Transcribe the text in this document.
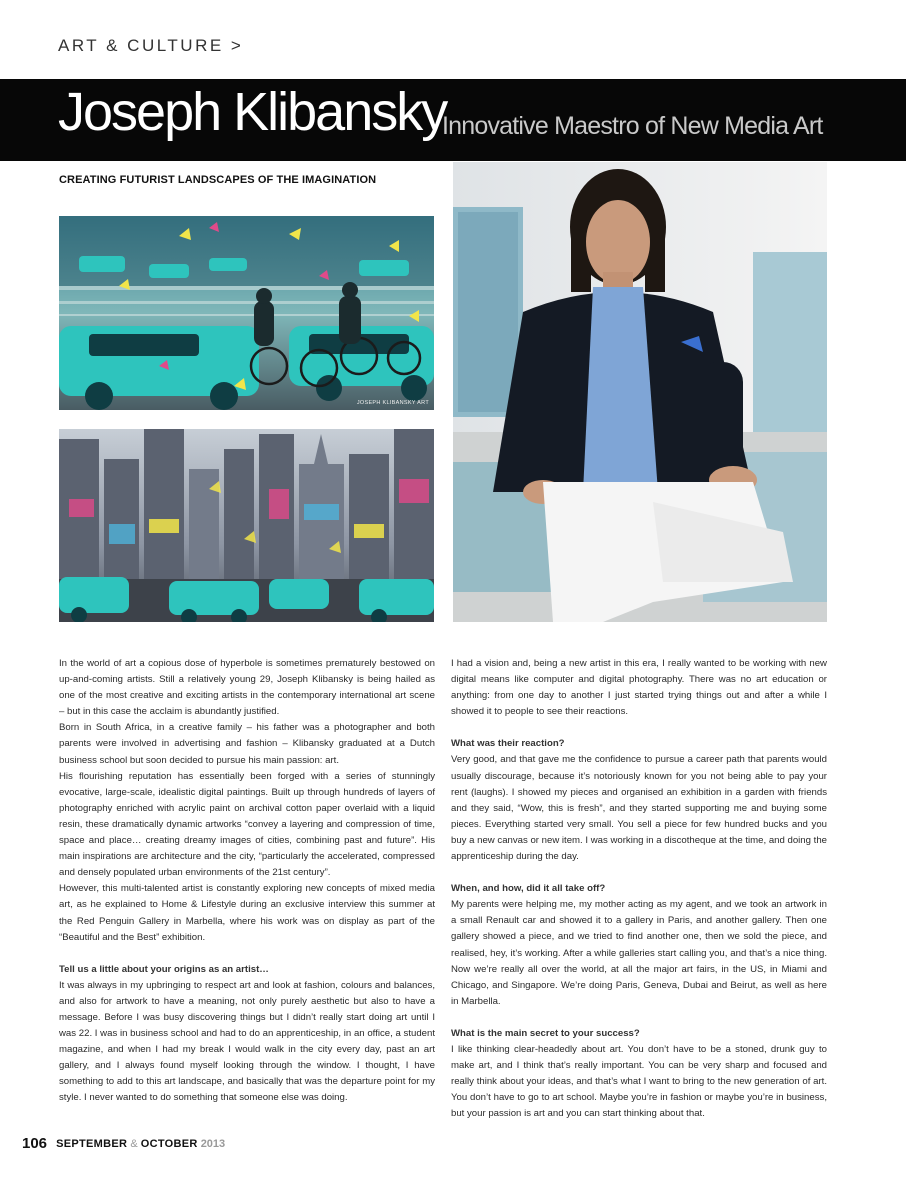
ART & CULTURE >
Joseph Klibansky
Innovative Maestro of New Media Art
CREATING FUTURIST LANDSCAPES OF THE IMAGINATION
JOSEPH KLIBANSKY ART

In the world of art a copious dose of hyperbole is sometimes prematurely bestowed on up-and-coming artists. Still a relatively young 29, Joseph Klibansky is being hailed as one of the most creative and exciting artists in the contemporary international art scene – but in this case the acclaim is abundantly justified.

Born in South Africa, in a creative family – his father was a photographer and both parents were involved in advertising and fashion – Klibansky graduated at a Dutch business school but soon decided to pursue his main passion: art.

His flourishing reputation has essentially been forged with a series of stunningly evocative, large-scale, idealistic digital paintings. Built up through hundreds of layers of photography enriched with acrylic paint on archival cotton paper overlaid with a liquid resin, these dramatically dynamic artworks “convey a layering and compression of time, space and place… creating dreamy images of cities, combining past and future”. His main inspirations are architecture and the city, “particularly the accelerated, compressed and densely populated urban environments of the 21st century”.

However, this multi-talented artist is constantly exploring new concepts of mixed media art, as he explained to Home & Lifestyle during an exclusive interview this summer at the Red Penguin Gallery in Marbella, where his work was on display as part of the “Beautiful and the Best” exhibition.

Tell us a little about your origins as an artist…

It was always in my upbringing to respect art and look at fashion, colours and balances, and also for artwork to have a meaning, not only purely aesthetic but also to have a message. Before I was busy discovering things but I didn’t really start doing art until I was 22. I was in business school and had to do an apprenticeship, in an office, a student magazine, and when I had my break I would walk in the city every day, past an art gallery, and I always found myself looking through the window. I thought, I have something to add to this art landscape, and basically that was the departure point for my style. I never wanted to do something that someone else was doing.

I had a vision and, being a new artist in this era, I really wanted to be working with new digital means like computer and digital photography. There was no art education or anything: from one day to another I just started trying things out and after a while I showed it to people to see their reactions.

What was their reaction?

Very good, and that gave me the confidence to pursue a career path that parents would usually discourage, because it’s notoriously known for you not being able to pay your rent (laughs). I showed my pieces and organised an exhibition in a garden with friends and they said, “Wow, this is fresh”, and they started supporting me and buying some pieces. Everything started very small. You sell a piece for few hundred bucks and you buy a new canvas or new item. I was working in a discotheque at the time, and doing the apprenticeship during the day.

When, and how, did it all take off?

My parents were helping me, my mother acting as my agent, and we took an artwork in a small Renault car and showed it to a gallery in Paris, and another gallery. Then one gallery showed a piece, and we tried to find another one, then we sold the piece, and realised, hey, it’s working. After a while galleries start calling you, and that’s a nice thing. Now we’re really all over the world, at all the major art fairs, in the US, in Miami and Chicago, and Singapore. We’re doing Paris, Geneva, Dubai and Beirut, as well as here in Marbella.

What is the main secret to your success?

I like thinking clear-headedly about art. You don’t have to be a stoned, drunk guy to make art, and I think that’s really important. You can be very sharp and focused and really think about your ideas, and that’s what I want to bring to the new generation of art. You don’t have to go to art school. Maybe you’re in fashion or maybe you’re in business, but your passion is art and you can start thinking about that.

106 SEPTEMBER & OCTOBER 2013
